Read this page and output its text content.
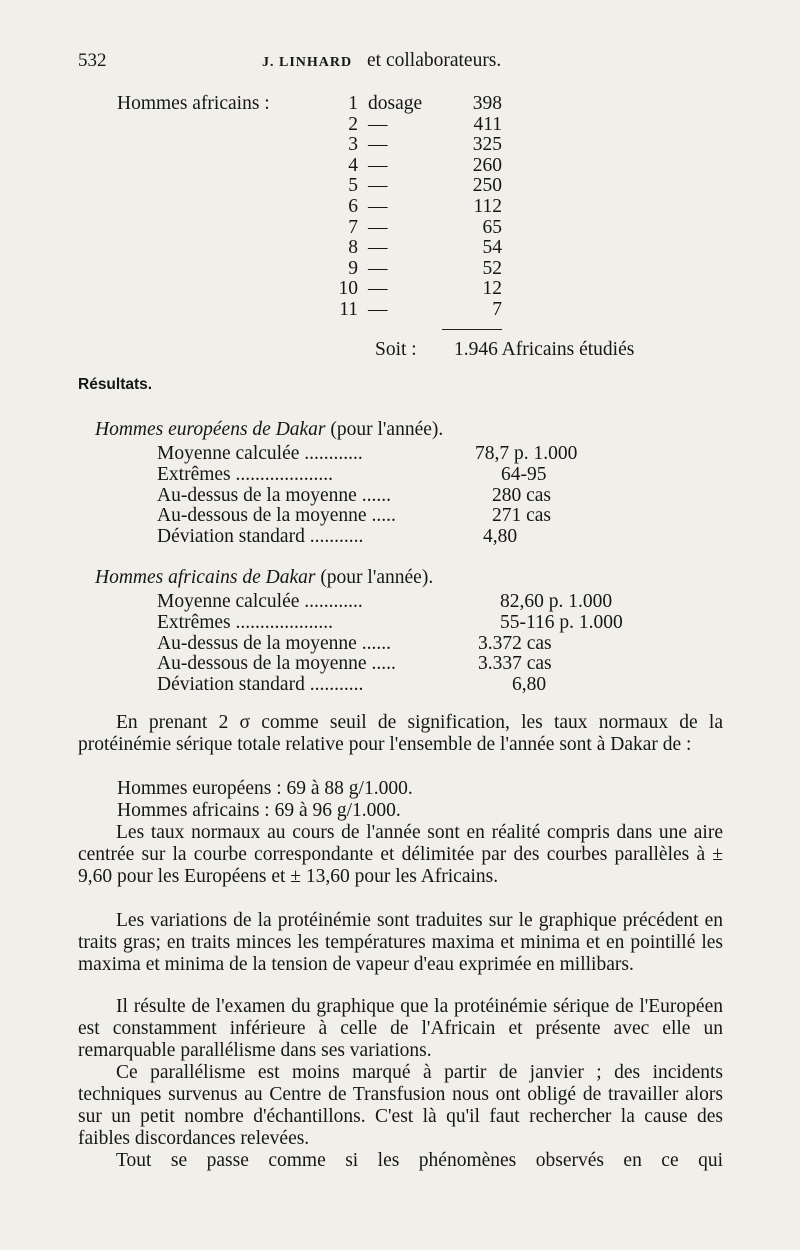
532	J. LINHARD et collaborateurs.
Hommes africains :	1 dosage	398
2 —	411
3 —	325
4 —	260
5 —	250
6 —	112
7 —	65
8 —	54
9 —	52
10 —	12
11 —	7
Soit : 1.946 Africains étudiés
Résultats.
Hommes européens de Dakar (pour l'année).
Moyenne calculée ............	78,7 p. 1.000
Extrêmes ....................	64-95
Au-dessus de la moyenne ......	280 cas
Au-dessous de la moyenne .....	271 cas
Déviation standard ...........	4,80
Hommes africains de Dakar (pour l'année).
Moyenne calculée ............	82,60 p. 1.000
Extrêmes ....................	55-116 p. 1.000
Au-dessus de la moyenne ......	3.372 cas
Au-dessous de la moyenne .....	3.337 cas
Déviation standard ...........	6,80
En prenant 2 σ comme seuil de signification, les taux normaux de la protéinémie sérique totale relative pour l'ensemble de l'année sont à Dakar de :
Hommes européens : 69 à 88 g/1.000.
Hommes africains : 69 à 96 g/1.000.
Les taux normaux au cours de l'année sont en réalité compris dans une aire centrée sur la courbe correspondante et délimitée par des courbes parallèles à ± 9,60 pour les Européens et ± 13,60 pour les Africains.
Les variations de la protéinémie sont traduites sur le graphique précédent en traits gras; en traits minces les températures maxima et minima et en pointillé les maxima et minima de la tension de vapeur d'eau exprimée en millibars.
Il résulte de l'examen du graphique que la protéinémie sérique de l'Européen est constamment inférieure à celle de l'Africain et présente avec elle un remarquable parallélisme dans ses variations.
Ce parallélisme est moins marqué à partir de janvier ; des incidents techniques survenus au Centre de Transfusion nous ont obligé de travailler alors sur un petit nombre d'échantillons. C'est là qu'il faut rechercher la cause des faibles discordances relevées.
Tout se passe comme si les phénomènes observés en ce qui
